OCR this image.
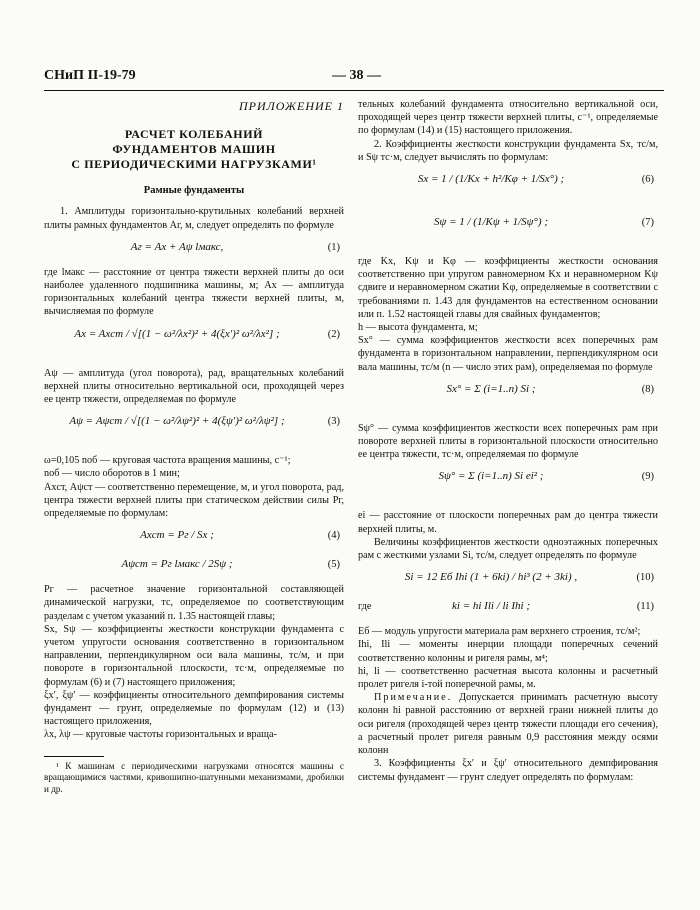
СНиП II-19-79	— 38 —
ПРИЛОЖЕНИЕ 1
РАСЧЕТ КОЛЕБАНИЙ
ФУНДАМЕНТОВ МАШИН
С ПЕРИОДИЧЕСКИМИ НАГРУЗКАМИ¹
Рамные фундаменты

1. Амплитуды горизонтально-крутильных колебаний верхней плиты рамных фундаментов Aг, м, следует определять по формуле

Aг = Ax + Aψ lмакс,	(1)

где lмакс — расстояние от центра тяжести верхней плиты до оси наиболее удаленного подшипника машины, м; Ax — амплитуда горизонтальных колебаний центра тяжести верхней плиты, м, вычисляемая по формуле

Ax = Axст / √[(1 − ω²/λx²)² + 4(ξx′)² ω²/λx²] ;	(2)

Aψ — амплитуда (угол поворота), рад, вращательных колебаний верхней плиты относительно вертикальной оси, проходящей через ее центр тяжести, определяемая по формуле

Aψ = Aψст / √[(1 − ω²/λψ²)² + 4(ξψ′)² ω²/λψ²] ;	(3)

ω=0,105 nоб — круговая частота вращения машины, с⁻¹;

nоб — число оборотов в 1 мин;

Axст, Aψст — соответственно перемещение, м, и угол поворота, рад, центра тяжести верхней плиты при статическом действии силы Pг, определяемые по формулам:

Axст = Pг / Sx ;	(4)
Aψст = Pг lмакс / 2Sψ ;	(5)

Pг — расчетное значение горизонтальной составляющей динамической нагрузки, тс, определяемое по соответствующим разделам с учетом указаний п. 1.35 настоящей главы;

Sx, Sψ — коэффициенты жесткости конструкции фундамента с учетом упругости основания соответственно в горизонтальном направлении, перпендикулярном оси вала машины, тс/м, и при повороте в горизонтальной плоскости, тс·м, определяемые по формулам (6) и (7) настоящего приложения;

ξx′, ξψ′ — коэффициенты относительного демпфирования системы фундамент — грунт, определяемые по формулам (12) и (13) настоящего приложения,

λx, λψ — круговые частоты горизонтальных и враща-

¹ К машинам с периодическими нагрузками относятся машины с вращающимися частями, кривошипно-шатунными механизмами, дробилки и др.

тельных колебаний фундамента относительно вертикальной оси, проходящей через центр тяжести верхней плиты, с⁻¹, определяемые по формулам (14) и (15) настоящего приложения.

2. Коэффициенты жесткости конструкции фундамента Sx, тс/м, и Sψ тс·м, следует вычислять по формулам:

Sx = 1 / (1/Kx + h²/Kφ + 1/Sx°) ;	(6)
Sψ = 1 / (1/Kψ + 1/Sψ°) ;	(7)

где Kx, Kψ и Kφ — коэффициенты жесткости основания соответственно при упругом равномерном Kx и неравномерном Kψ сдвиге и неравномерном сжатии Kφ, определяемые в соответствии с требованиями п. 1.43 для фундаментов на естественном основании или п. 1.52 настоящей главы для свайных фундаментов;

h — высота фундамента, м;

Sx° — сумма коэффициентов жесткости всех поперечных рам фундамента в горизонтальном направлении, перпендикулярном оси вала машины, тс/м (n — число этих рам), определяемая по формуле

Sx° = Σ (i=1..n) Si ;	(8)

Sψ° — сумма коэффициентов жесткости всех поперечных рам при повороте верхней плиты в горизонтальной плоскости относительно ее центра тяжести, тс·м, определяемая по формуле

Sψ° = Σ (i=1..n) Si ei² ;	(9)

ei — расстояние от плоскости поперечных рам до центра тяжести верхней плиты, м.

Величины коэффициентов жесткости одноэтажных поперечных рам с жесткими узлами Si, тс/м, следует определять по формуле

Si = 12 Eб Ihi (1 + 6ki) / hi³ (2 + 3ki) ,	(10)
где	ki = hi Ili / li Ihi ;	(11)

Eб — модуль упругости материала рам верхнего строения, тс/м²;

Ihi, Ili — моменты инерции площади поперечных сечений соответственно колонны и ригеля рамы, м⁴;

hi, li — соответственно расчетная высота колонны и расчетный пролет ригеля i-той поперечной рамы, м.

Примечание. Допускается принимать расчетную высоту колонн hi равной расстоянию от верхней грани нижней плиты до оси ригеля (проходящей через центр тяжести площади его сечения), а расчетный пролет ригеля равным 0,9 расстояния между осями колонн

3. Коэффициенты ξx′ и ξψ′ относительного демпфирования системы фундамент — грунт следует определять по формулам:
